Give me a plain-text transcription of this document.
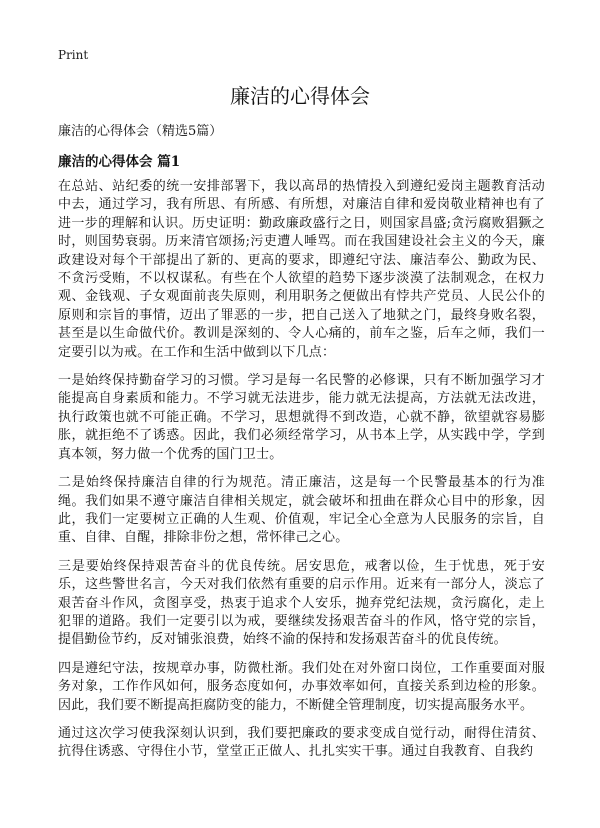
Print
廉洁的心得体会
廉洁的心得体会（精选5篇）
廉洁的心得体会 篇1

在总站、站纪委的统一安排部署下，我以高昂的热情投入到遵纪爱岗主题教育活动中去，通过学习，我有所思、有所感、有所想，对廉洁自律和爱岗敬业精神也有了进一步的理解和认识。历史证明：勤政廉政盛行之日，则国家昌盛;贪污腐败猖獗之时，则国势衰弱。历来清官颂扬;污吏遭人唾骂。而在我国建设社会主义的今天，廉政建设对每个干部提出了新的、更高的要求，即遵纪守法、廉洁奉公、勤政为民、不贪污受贿，不以权谋私。有些在个人欲望的趋势下逐步淡漠了法制观念，在权力观、金钱观、子女观面前丧失原则，利用职务之便做出有悖共产党员、人民公仆的原则和宗旨的事情，迈出了罪恶的一步，把自己送入了地狱之门，最终身败名裂，甚至是以生命做代价。教训是深刻的、令人心痛的，前车之鉴，后车之师，我们一定要引以为戒。在工作和生活中做到以下几点：

一是始终保持勤奋学习的习惯。学习是每一名民警的必修课，只有不断加强学习才能提高自身素质和能力。不学习就无法进步，能力就无法提高，方法就无法改进，执行政策也就不可能正确。不学习，思想就得不到改造，心就不静，欲望就容易膨胀，就拒绝不了诱惑。因此，我们必须经常学习，从书本上学，从实践中学，学到真本领，努力做一个优秀的国门卫士。

二是始终保持廉洁自律的行为规范。清正廉洁，这是每一个民警最基本的行为准绳。我们如果不遵守廉洁自律相关规定，就会破坏和扭曲在群众心目中的形象，因此，我们一定要树立正确的人生观、价值观，牢记全心全意为人民服务的宗旨，自重、自律、自醒，排除非份之想，常怀律己之心。

三是要始终保持艰苦奋斗的优良传统。居安思危，戒奢以俭，生于忧患，死于安乐，这些警世名言，今天对我们依然有重要的启示作用。近来有一部分人，淡忘了艰苦奋斗作风，贪图享受，热衷于追求个人安乐，抛弃党纪法规，贪污腐化，走上犯罪的道路。我们一定要引以为戒，要继续发扬艰苦奋斗的作风，恪守党的宗旨，提倡勤俭节约，反对铺张浪费，始终不渝的保持和发扬艰苦奋斗的优良传统。

四是遵纪守法，按规章办事，防微杜渐。我们处在对外窗口岗位，工作重要面对服务对象，工作作风如何，服务态度如何，办事效率如何，直接关系到边检的形象。因此，我们要不断提高拒腐防变的能力，不断健全管理制度，切实提高服务水平。

通过这次学习使我深刻认识到，我们要把廉政的要求变成自觉行动，耐得住清贫、抗得住诱惑、守得住小节，堂堂正正做人、扎扎实实干事。通过自我教育、自我约
